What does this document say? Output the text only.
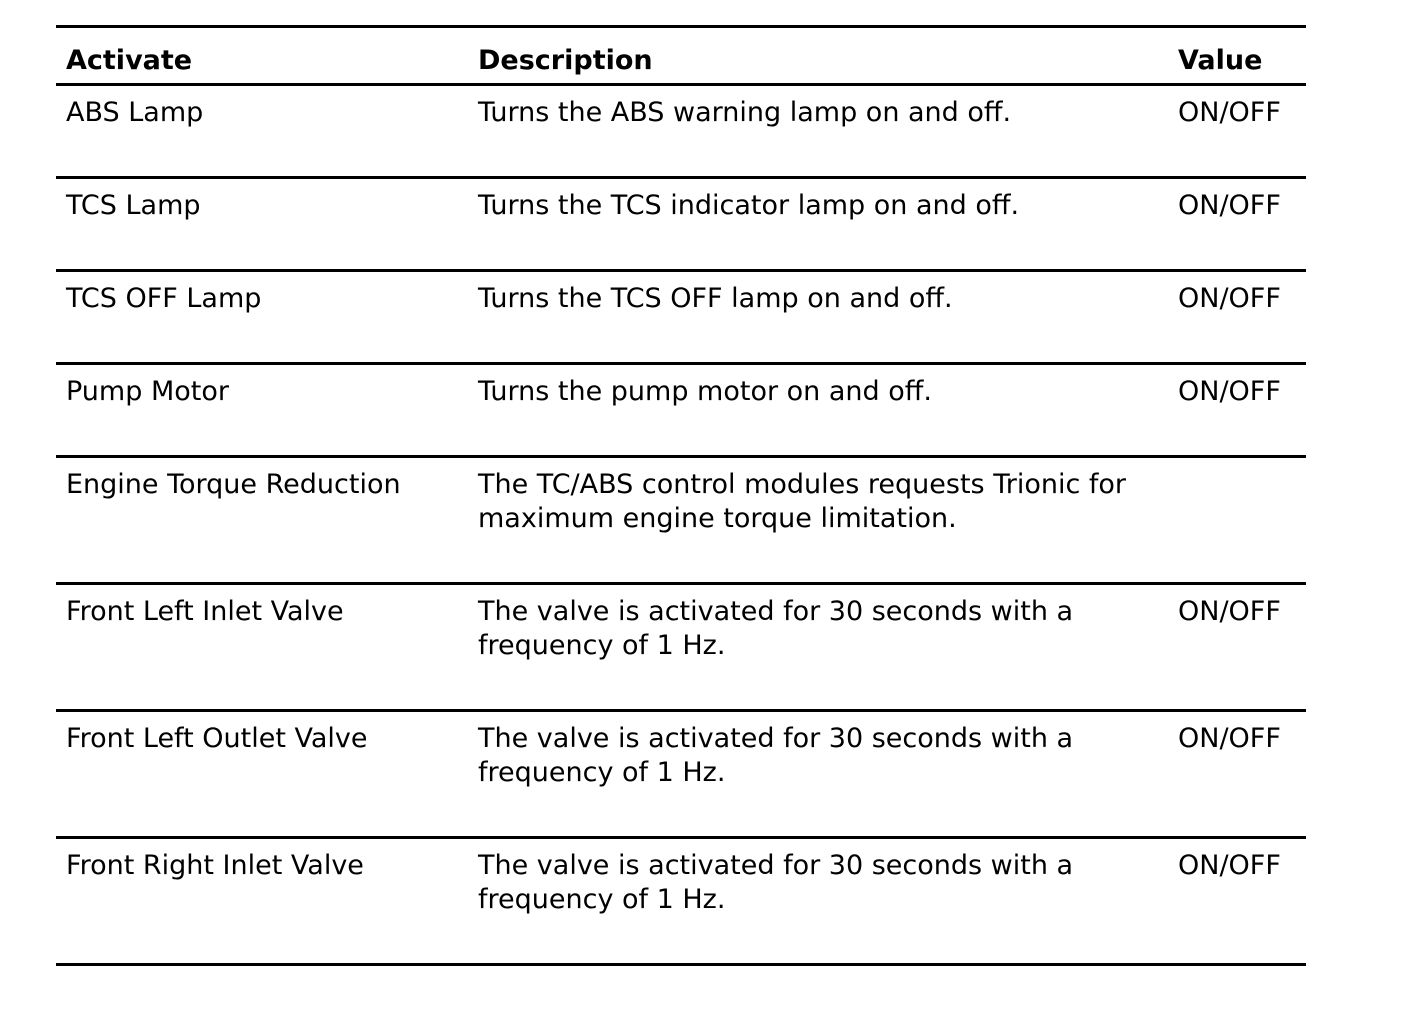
Activate	Description	Value
ABS Lamp	Turns the ABS warning lamp on and off.	ON/OFF
TCS Lamp	Turns the TCS indicator lamp on and off.	ON/OFF
TCS OFF Lamp	Turns the TCS OFF lamp on and off.	ON/OFF
Pump Motor	Turns the pump motor on and off.	ON/OFF
Engine Torque Reduction	The TC/ABS control modules requests Trionic for maximum engine torque limitation.	
Front Left Inlet Valve	The valve is activated for 30 seconds with a frequency of 1 Hz.	ON/OFF
Front Left Outlet Valve	The valve is activated for 30 seconds with a frequency of 1 Hz.	ON/OFF
Front Right Inlet Valve	The valve is activated for 30 seconds with a frequency of 1 Hz.	ON/OFF
